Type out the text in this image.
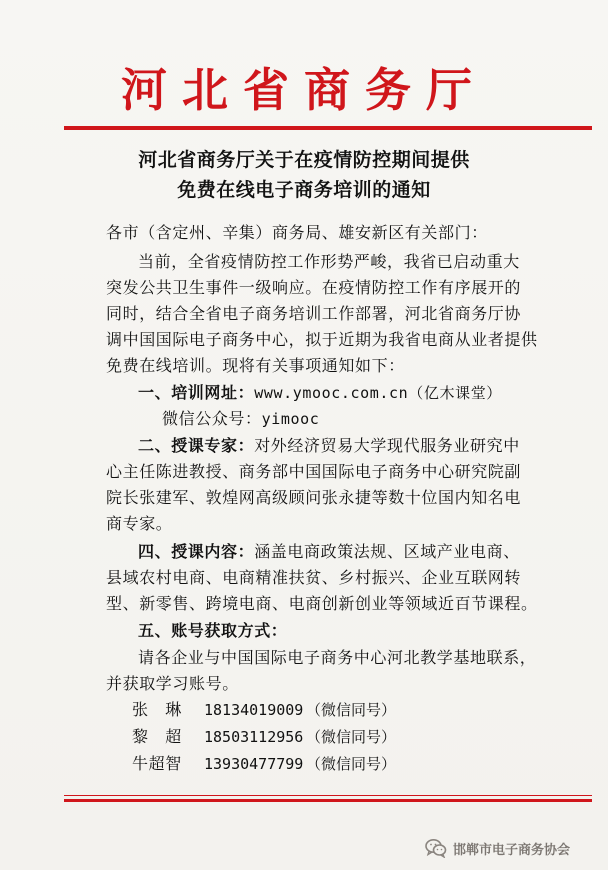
河北省商务厅
河北省商务厅关于在疫情防控期间提供
免费在线电子商务培训的通知
各市（含定州、辛集）商务局、雄安新区有关部门：
当前，全省疫情防控工作形势严峻，我省已启动重大
突发公共卫生事件一级响应。在疫情防控工作有序展开的
同时，结合全省电子商务培训工作部署，河北省商务厅协
调中国国际电子商务中心，拟于近期为我省电商从业者提供
免费在线培训。现将有关事项通知如下：
一、培训网址：www.ymooc.com.cn（亿木课堂）
微信公众号：yimooc
二、授课专家：对外经济贸易大学现代服务业研究中
心主任陈进教授、商务部中国国际电子商务中心研究院副
院长张建军、敦煌网高级顾问张永捷等数十位国内知名电
商专家。
四、授课内容：涵盖电商政策法规、区域产业电商、
县域农村电商、电商精准扶贫、乡村振兴、企业互联网转
型、新零售、跨境电商、电商创新创业等领域近百节课程。
五、账号获取方式：
请各企业与中国国际电子商务中心河北教学基地联系，
并获取学习账号。
张　琳 18134019009 （微信同号）
黎　超 18503112956 （微信同号）
牛超智 13930477799 （微信同号）
邯郸市电子商务协会
